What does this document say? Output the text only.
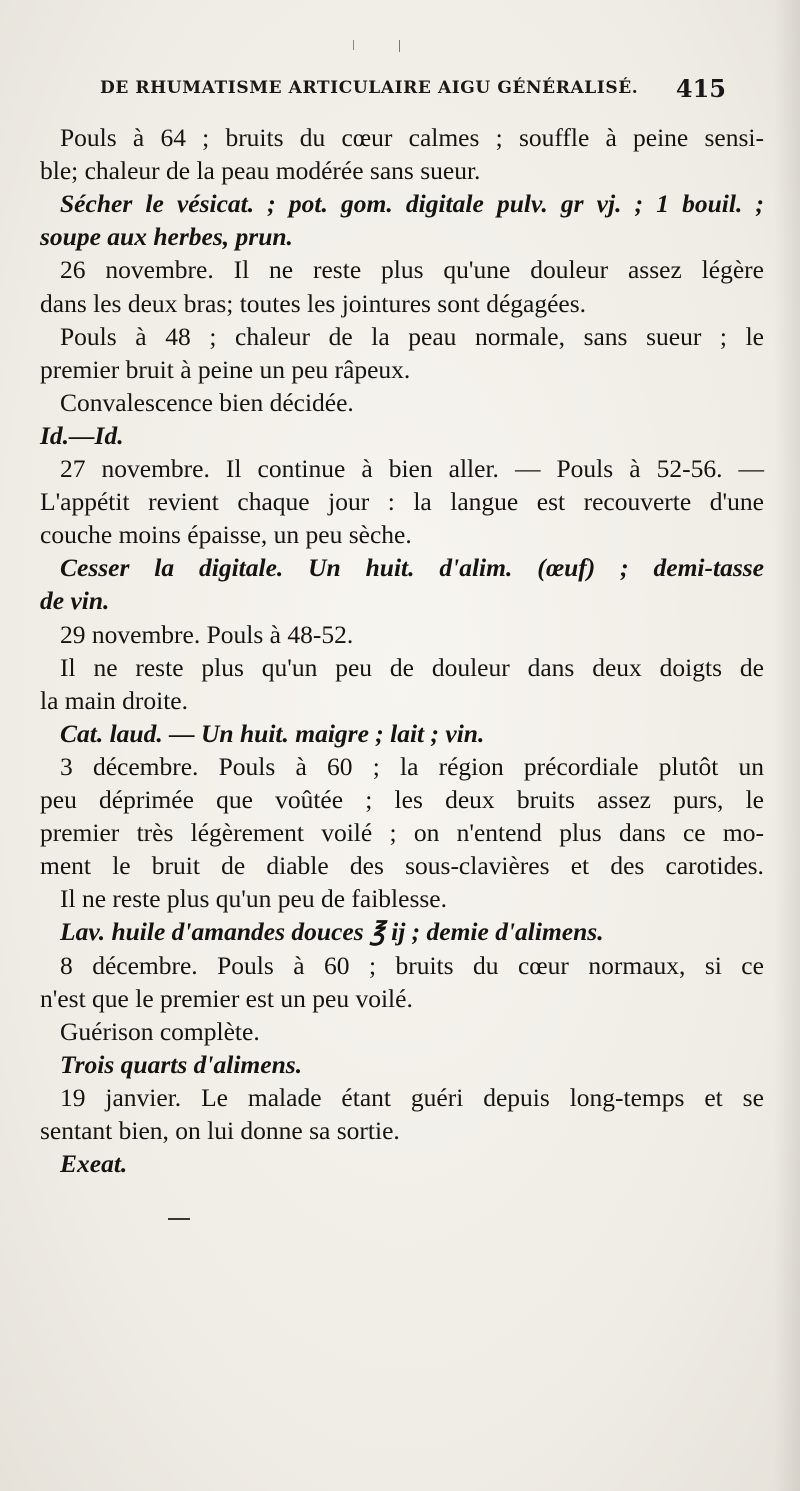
DE RHUMATISME ARTICULAIRE AIGU GÉNÉRALISÉ. 415
Pouls à 64 ; bruits du cœur calmes ; souffle à peine sensi-
ble; chaleur de la peau modérée sans sueur.
Sécher le vésicat. ; pot. gom. digitale pulv. gr vj. ; 1 bouil. ;
soupe aux herbes, prun.
26 novembre. Il ne reste plus qu'une douleur assez légère
dans les deux bras; toutes les jointures sont dégagées.
Pouls à 48 ; chaleur de la peau normale, sans sueur ; le
premier bruit à peine un peu râpeux.
Convalescence bien décidée.
Id.—Id.
27 novembre. Il continue à bien aller. — Pouls à 52-56. —
L'appétit revient chaque jour : la langue est recouverte d'une
couche moins épaisse, un peu sèche.
Cesser la digitale. Un huit. d'alim. (œuf) ; demi-tasse
de vin.
29 novembre. Pouls à 48-52.
Il ne reste plus qu'un peu de douleur dans deux doigts de
la main droite.
Cat. laud. — Un huit. maigre ; lait ; vin.
3 décembre. Pouls à 60 ; la région précordiale plutôt un
peu déprimée que voûtée ; les deux bruits assez purs, le
premier très légèrement voilé ; on n'entend plus dans ce mo-
ment le bruit de diable des sous-clavières et des carotides.
Il ne reste plus qu'un peu de faiblesse.
Lav. huile d'amandes douces ℥ ij ; demie d'alimens.
8 décembre. Pouls à 60 ; bruits du cœur normaux, si ce
n'est que le premier est un peu voilé.
Guérison complète.
Trois quarts d'alimens.
19 janvier. Le malade étant guéri depuis long-temps et se
sentant bien, on lui donne sa sortie.
Exeat.
